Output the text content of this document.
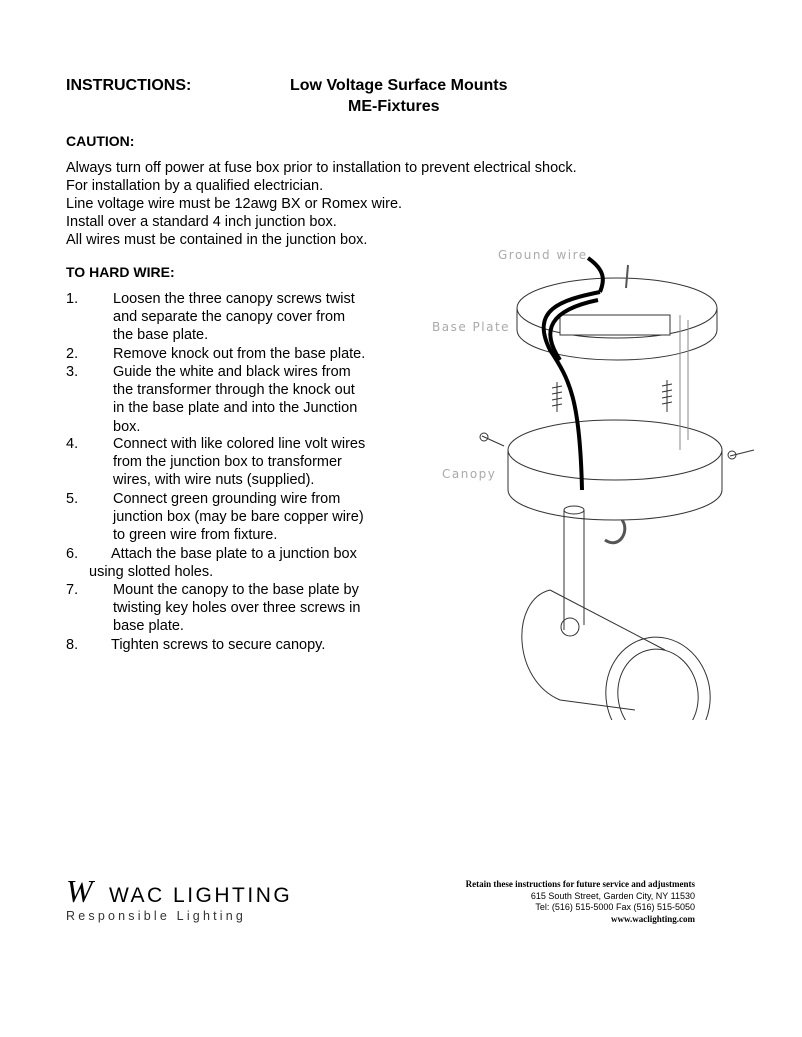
INSTRUCTIONS:	Low Voltage Surface Mounts
ME-Fixtures
CAUTION:
Always turn off power at fuse box prior to installation to prevent electrical shock.
For installation by a qualified electrician.
Line voltage wire must be 12awg BX or Romex wire.
Install over a standard 4 inch junction box.
All wires must be contained in the junction box.
TO HARD WIRE:
1. Loosen the three canopy screws twist
and separate the canopy cover from
the base plate.
2. Remove knock out from the base plate.
3. Guide the white and black wires from
the transformer through the knock out
in the base plate and into the Junction
box.
4. Connect with like colored line volt wires
from the junction box to transformer
wires, with wire nuts (supplied).
5. Connect green grounding wire from
junction box (may be bare copper wire)
to green wire from fixture.
6. Attach the base plate to a junction box
using slotted holes.
7. Mount the canopy to the base plate by
twisting key holes over three screws in
base plate.
8. Tighten screws to secure canopy.
Ground wire
Base Plate
Canopy
W WAC LIGHTING
Responsible Lighting
Retain these instructions for future service and adjustments
615 South Street, Garden City, NY 11530
Tel: (516) 515-5000 Fax (516) 515-5050
www.waclighting.com
